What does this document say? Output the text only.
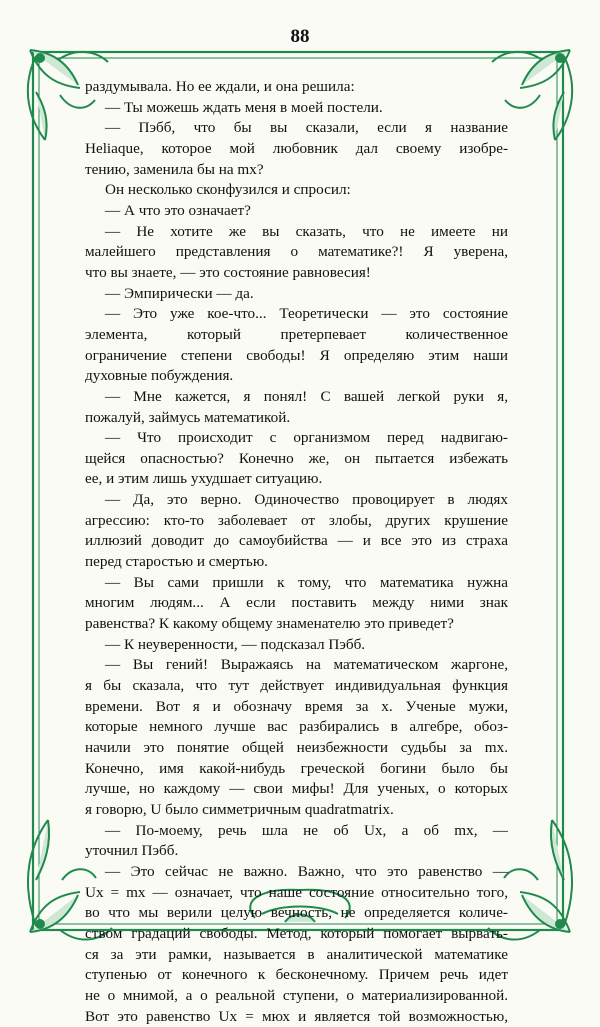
88
раздумывала. Но ее ждали, и она решила:
— Ты можешь ждать меня в моей постели.
— Пэбб, что бы вы сказали, если я название
Heliaque, которое мой любовник дал своему изобре-
тению, заменила бы на mx?
Он несколько сконфузился и спросил:
— А что это означает?
— Не хотите же вы сказать, что не имеете ни
малейшего представления о математике?! Я уверена,
что вы знаете, — это состояние равновесия!
— Эмпирически — да.
— Это уже кое-что... Теоретически — это состояние
элемента, который претерпевает количественное
ограничение степени свободы! Я определяю этим наши
духовные побуждения.
— Мне кажется, я понял! С вашей легкой руки я,
пожалуй, займусь математикой.
— Что происходит с организмом перед надвигаю-
щейся опасностью? Конечно же, он пытается избежать
ее, и этим лишь ухудшает ситуацию.
— Да, это верно. Одиночество провоцирует в людях
агрессию: кто-то заболевает от злобы, других крушение
иллюзий доводит до самоубийства — и все это из страха
перед старостью и смертью.
— Вы сами пришли к тому, что математика нужна
многим людям... А если поставить между ними знак
равенства? К какому общему знаменателю это приведет?
— К неуверенности, — подсказал Пэбб.
— Вы гений! Выражаясь на математическом жаргоне,
я бы сказала, что тут действует индивидуальная функция
времени. Вот я и обозначу время за x. Ученые мужи,
которые немного лучше вас разбирались в алгебре, обоз-
начили это понятие общей неизбежности судьбы за mx.
Конечно, имя какой-нибудь греческой богини было бы
лучше, но каждому — свои мифы! Для ученых, о которых
я говорю, U было симметричным quadratmatrix.
— По-моему, речь шла не об Ux, а об mx, —
уточнил Пэбб.
— Это сейчас не важно. Важно, что это равенство —
Ux = mx — означает, что наше состояние относительно того,
во что мы верили целую вечность, не определяется количе-
ством градаций свободы. Метод, который помогает вырвать-
ся за эти рамки, называется в аналитической математике
ступенью от конечного к бесконечному. Причем речь идет
не о мнимой, а о реальной ступени, о материализированной.
Вот это равенство Ux = мюх и является той возможностью,
